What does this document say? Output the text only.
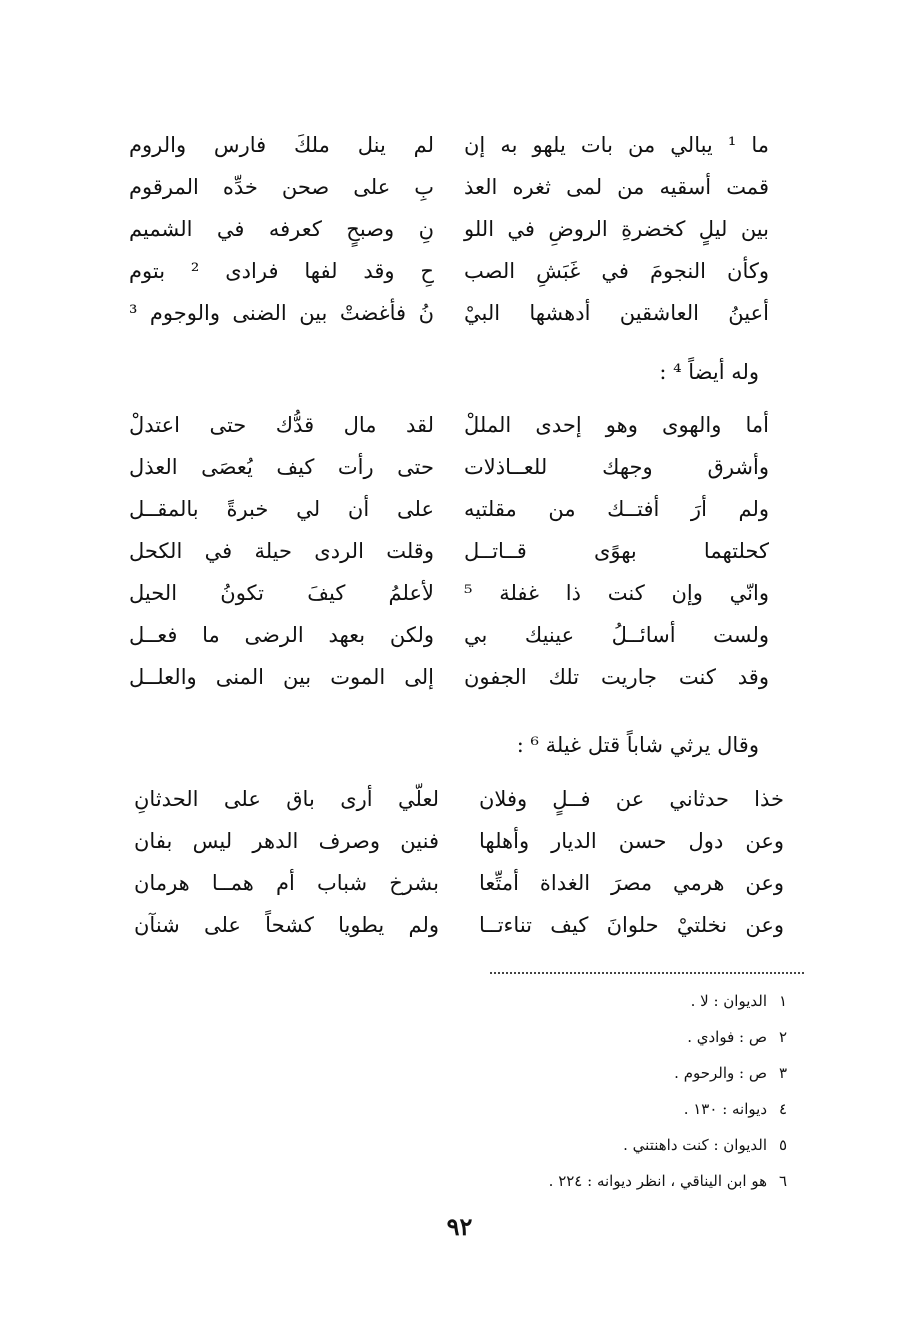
ما ¹ يبالي من بات يلهو به إن
لم ينل ملكَ فارس والروم
قمت أسقيه من لمى ثغره العذ
بِ على صحن خدِّه المرقوم
بين ليلٍ كخضرةِ الروضِ في اللو
نِ وصبحٍ كعرفه في الشميم
وكأن النجومَ في غَبَشِ الصب
حِ وقد لفها فرادى ² بتوم
أعينُ العاشقين أدهشها البيْ
نُ فأغضتْ بين الضنى والوجوم ³
وله أيضاً ⁴ :
أما والهوى وهو إحدى المللْ
لقد مال قدُّك حتى اعتدلْ
وأشرق وجهك للعــاذلات
حتى رأت كيف يُعصَى العذل
ولم أرَ أفتــك من مقلتيه
على أن لي خبرةً بالمقــل
كحلتهما بهوًى قــاتــل
وقلت الردى حيلة في الكحل
وانّي وإن كنت ذا غفلة ⁵
لأعلمُ كيفَ تكونُ الحيل
ولست أسائــلُ عينيك بي
ولكن بعهد الرضى ما فعــل
وقد كنت جاريت تلك الجفون
إلى الموت بين المنى والعلــل
وقال يرثي شاباً قتل غيلة ⁶ :
خذا حدثاني عن فــلٍ وفلان
لعلّي أرى باق على الحدثانِ
وعن دول حسن الديار وأهلها
فنين وصرف الدهر ليس بفان
وعن هرمي مصرَ الغداة أمتِّعا
بشرخ شباب أم همــا هرمان
وعن نخلتيْ حلوانَ كيف تناءتــا
ولم يطويا كشحاً على شنآن
١الديوان : لا .
٢ص : فوادي .
٣ص : والرحوم .
٤ديوانه : ١٣٠ .
٥الديوان : كنت داهنتني .
٦هو ابن اليناقي ، انظر ديوانه : ٢٢٤ .
٩٢
